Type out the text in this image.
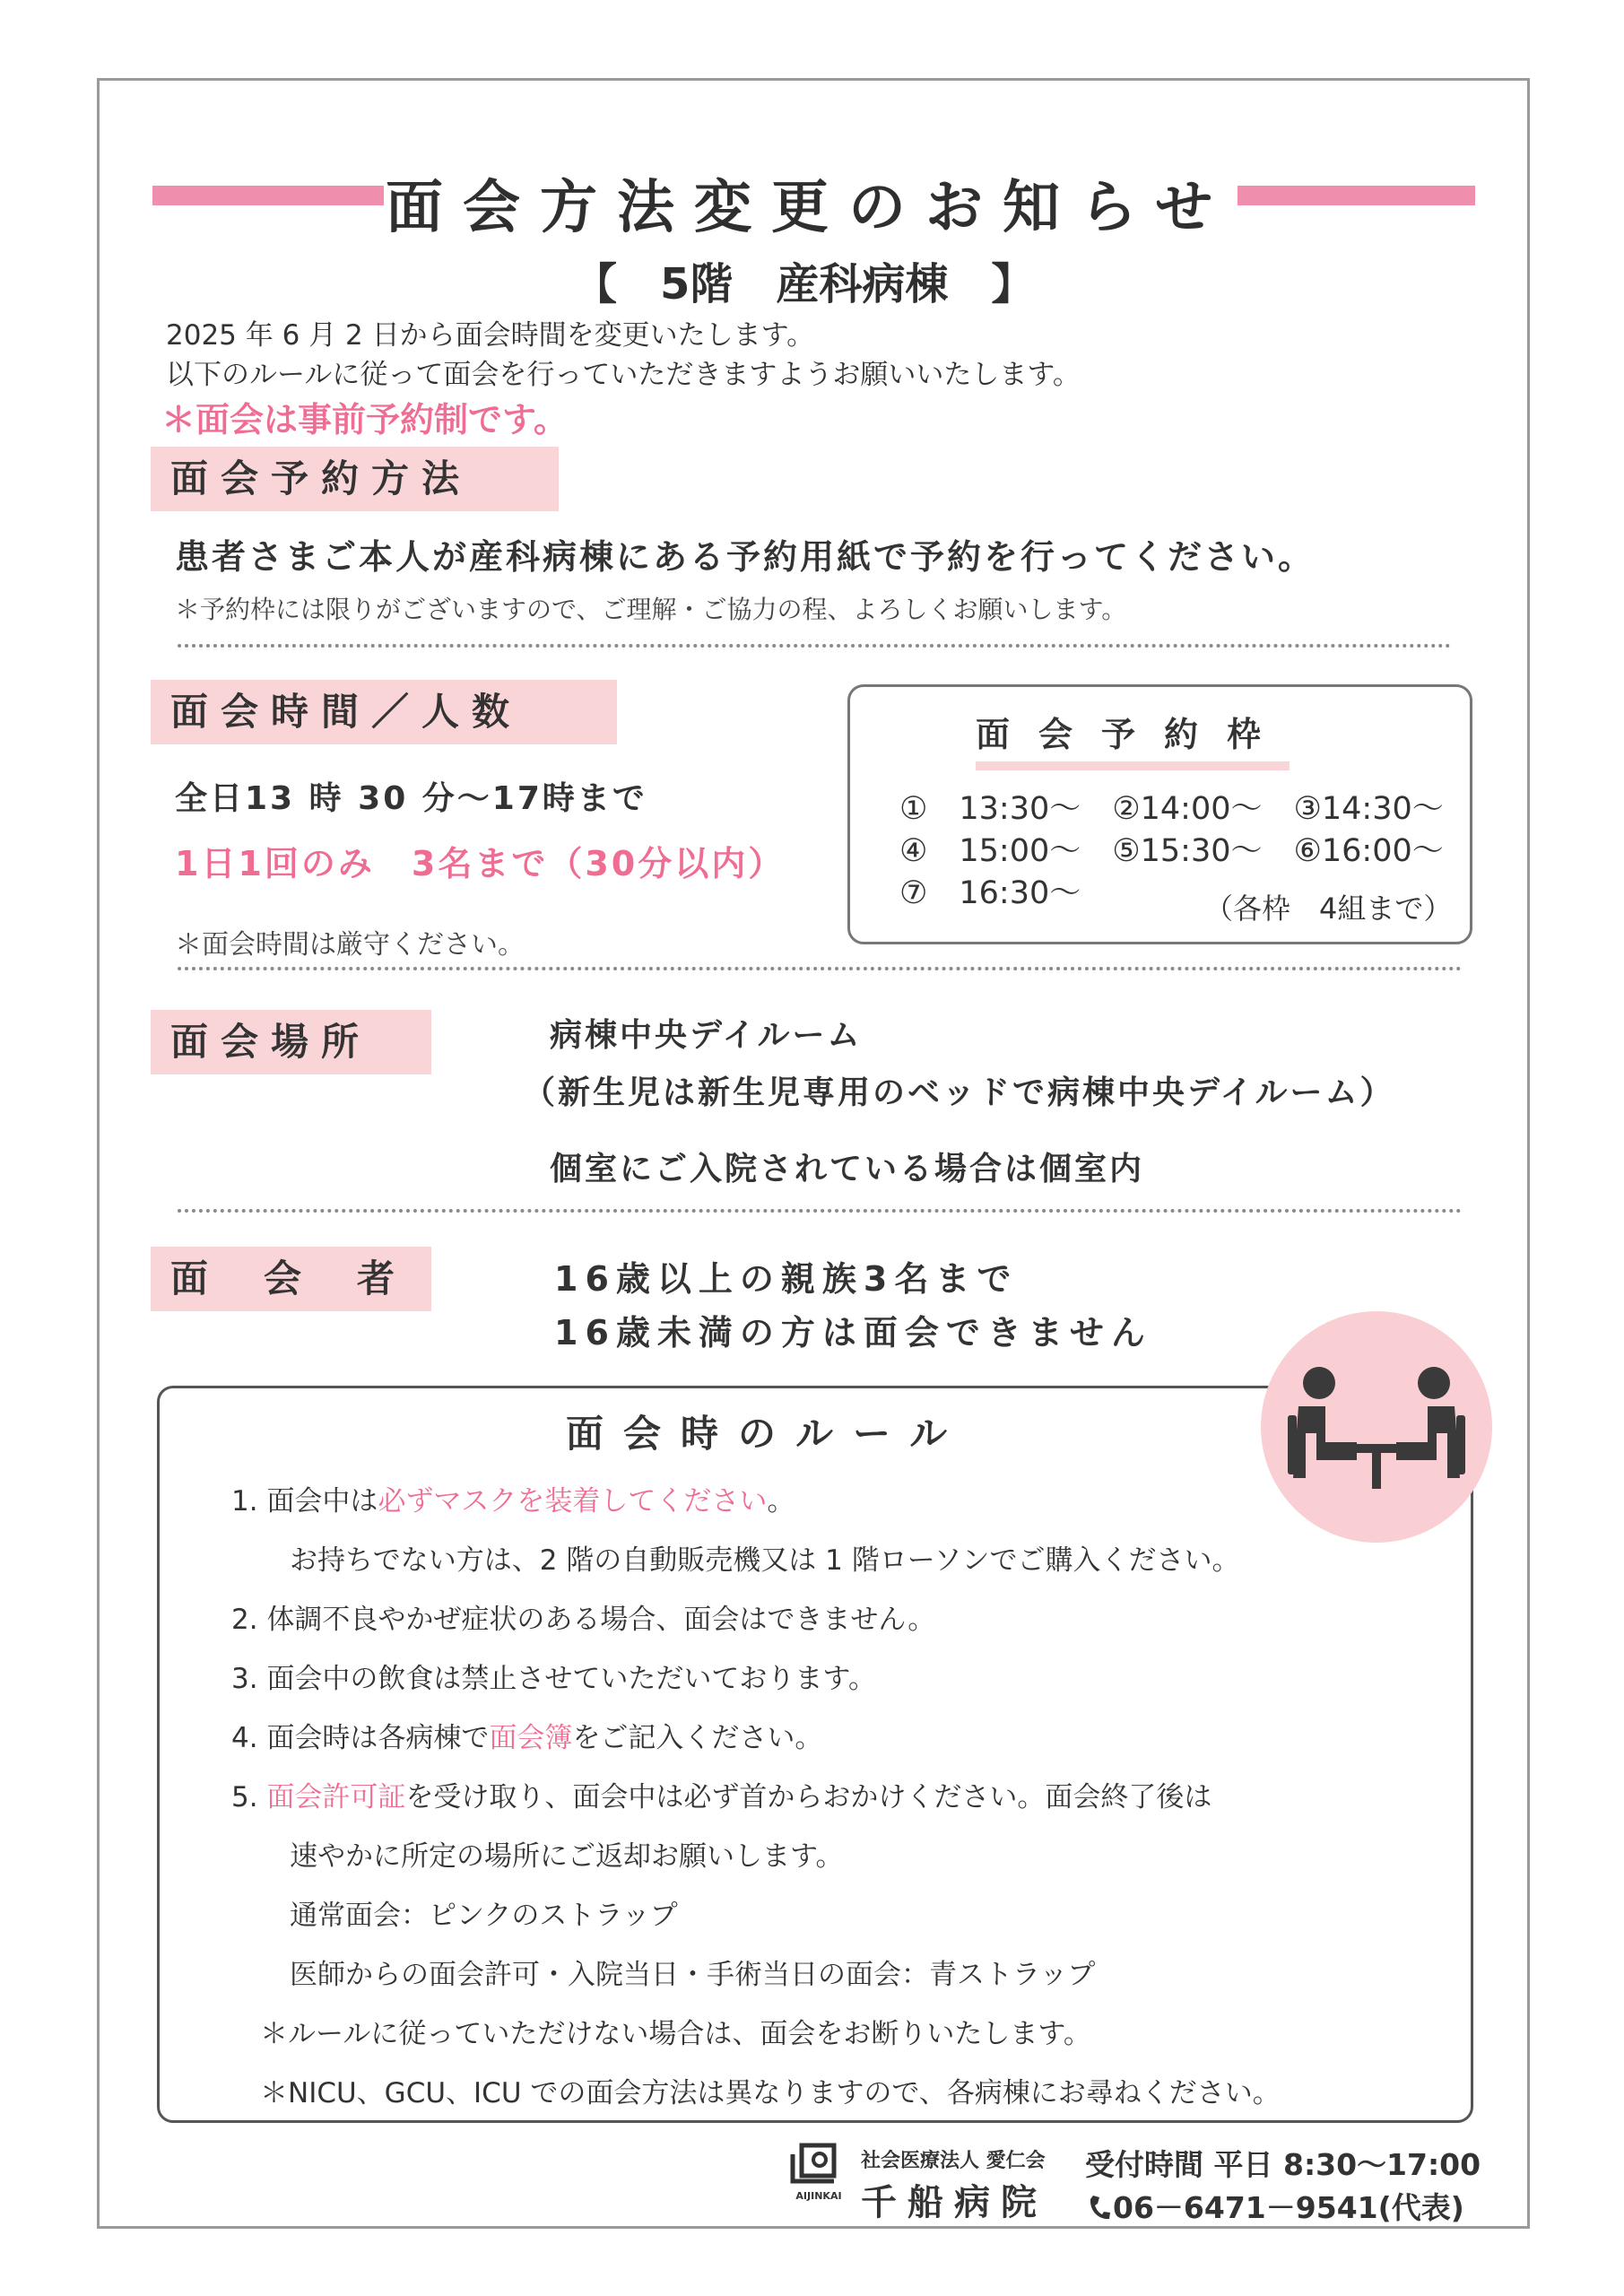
面会方法変更のお知らせ
【　5階　産科病棟　】
2025 年 6 月 2 日から面会時間を変更いたします。
以下のルールに従って面会を行っていただきますようお願いいたします。
＊面会は事前予約制です。
面会予約方法
患者さまご本人が産科病棟にある予約用紙で予約を行ってください。
＊予約枠には限りがございますので、ご理解・ご協力の程、よろしくお願いします。
面会時間／人数
全日13 時 30 分～17時まで
1日1回のみ　3名まで（30分以内）
＊面会時間は厳守ください。
面会予約枠
①　13:30～　②14:00～　③14:30～
④　15:00～　⑤15:30～　⑥16:00～
⑦　16:30～	（各枠　4組まで）
面会場所	病棟中央デイルーム
（新生児は新生児専用のベッドで病棟中央デイルーム）
個室にご入院されている場合は個室内
面会者	16歳以上の親族3名まで
16歳未満の方は面会できません
面会時のルール
1. 面会中は必ずマスクを装着してください。
お持ちでない方は、2 階の自動販売機又は 1 階ローソンでご購入ください。
2. 体調不良やかぜ症状のある場合、面会はできません。
3. 面会中の飲食は禁止させていただいております。
4. 面会時は各病棟で面会簿をご記入ください。
5. 面会許可証を受け取り、面会中は必ず首からおかけください。面会終了後は
速やかに所定の場所にご返却お願いします。
通常面会：ピンクのストラップ
医師からの面会許可・入院当日・手術当日の面会：青ストラップ
＊ルールに従っていただけない場合は、面会をお断りいたします。
＊NICU、GCU、ICU での面会方法は異なりますので、各病棟にお尋ねください。
AIJINKAI
社会医療法人 愛仁会
千船病院
受付時間 平日 8:30～17:00
06－6471－9541(代表)
